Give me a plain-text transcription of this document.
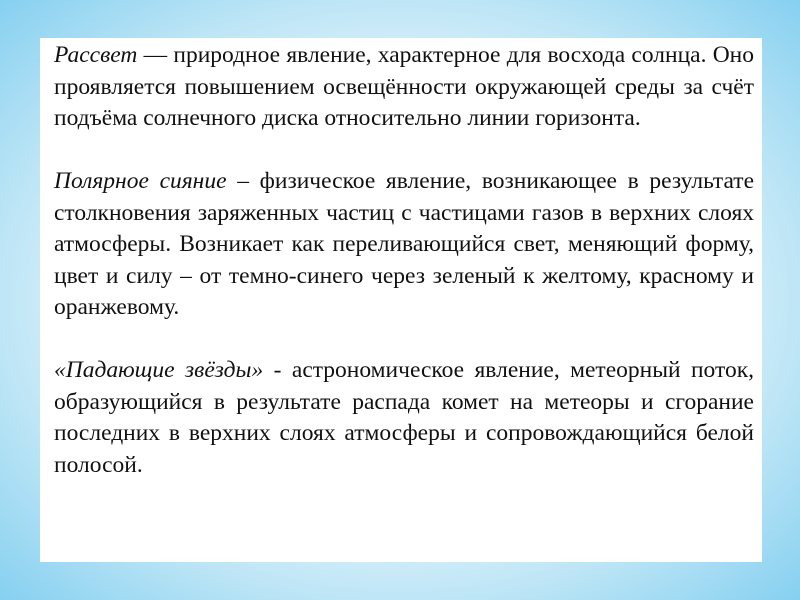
Рассвет — природное явление, характерное для восхода солнца. Оно проявляется повышением освещённости окружающей среды за счёт подъёма солнечного диска относительно линии горизонта.

Полярное сияние – физическое явление, возникающее в результате столкновения заряженных частиц с частицами газов в верхних слоях атмосферы. Возникает как переливающийся свет, меняющий форму, цвет и силу – от темно-синего через зеленый к желтому, красному и оранжевому.

«Падающие звёзды» - астрономическое явление, метеорный поток, образующийся в результате распада комет на метеоры и сгорание последних в верхних слоях атмосферы и сопровождающийся белой полосой.
